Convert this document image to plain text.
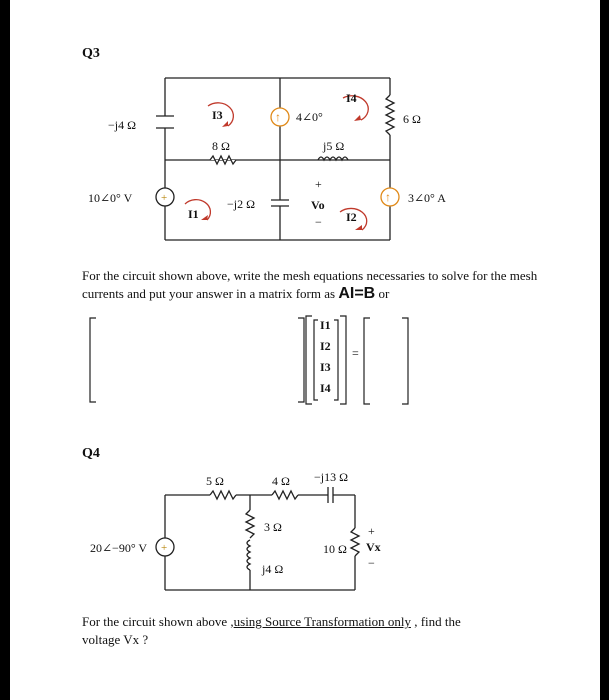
Q3
+
↑
↑
−j4 Ω
8 Ω
I3	4∠0°
j5 Ω
I4
6 Ω
10∠0° V
I1
−j2 Ω
+
Vo
− I2
3∠0° A
For the circuit shown above, write the mesh equations necessaries to solve for the mesh
currents and put your answer in a matrix form as AI=B or
I1
I2
I3
I4
=
Q4
+
5 Ω	4 Ω −j13 Ω
3 Ω
20∠−90° V	10 Ω
+
Vx
−
j4 Ω
For the circuit shown above ,using Source Transformation only , find the
voltage Vx ?
